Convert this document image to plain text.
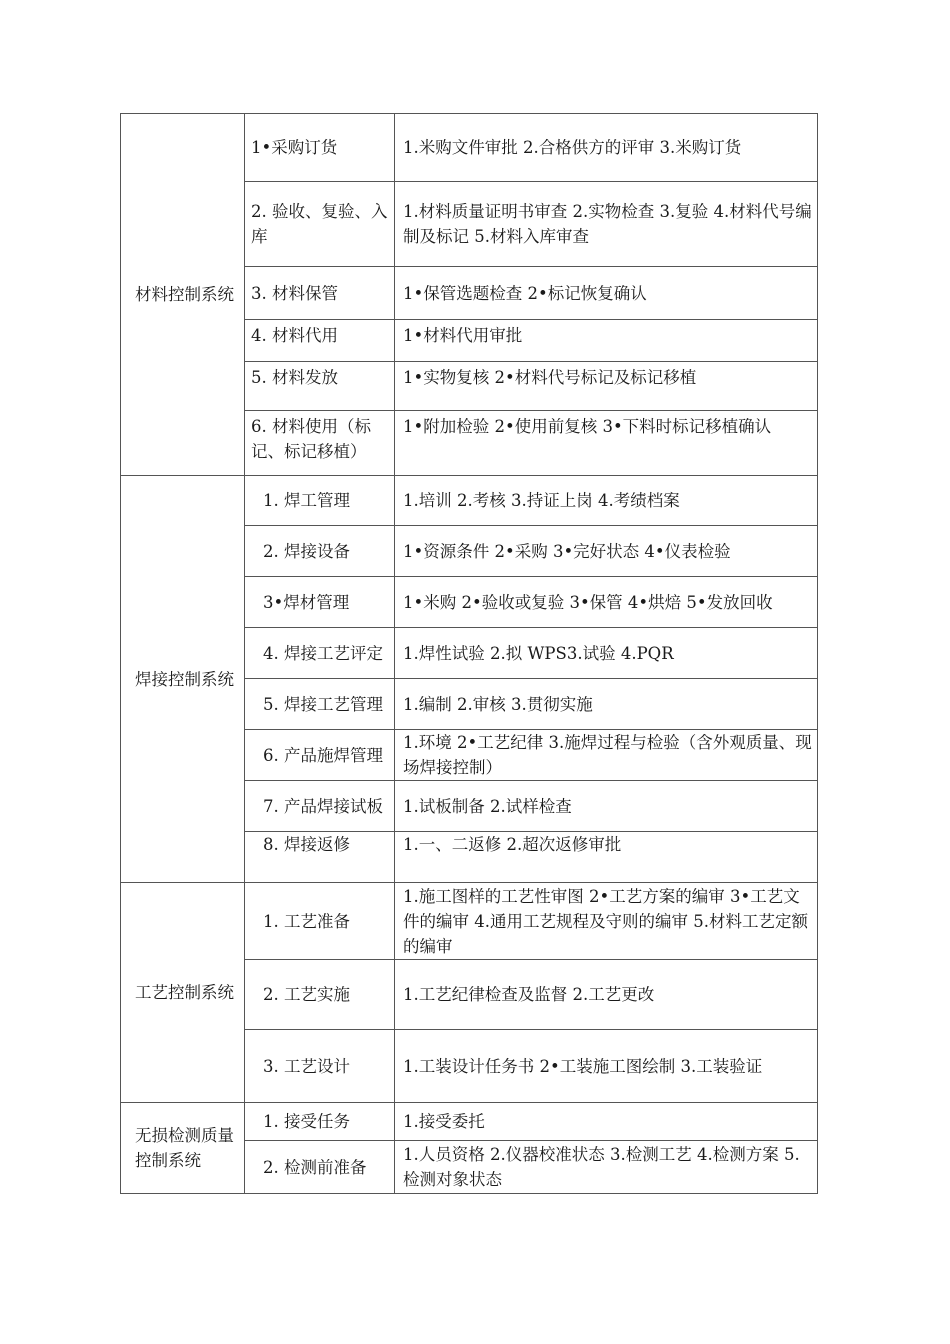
材料控制系统	1•采购订货	1.米购文件审批 2.合格供方的评审 3.米购订货
	2. 验收、复验、入库	1.材料质量证明书审查 2.实物检查 3.复验 4.材料代号编制及标记 5.材料入库审查
	3. 材料保管	1•保管选题检查 2•标记恢复确认
	4. 材料代用	1•材料代用审批
	5. 材料发放	1•实物复核 2•材料代号标记及标记移植

	6. 材料使用（标记、标记移植）	1•附加检验 2•使用前复核 3•下料时标记移植确认
焊接控制系统	1. 焊工管理	1.培训 2.考核 3.持证上岗 4.考绩档案
	2. 焊接设备	1•资源条件 2•采购 3•完好状态 4•仪表检验
	3•焊材管理	1•米购 2•验收或复验 3•保管 4•烘焙 5•发放回收
	4. 焊接工艺评定	1.焊性试验 2.拟 WPS3.试验 4.PQR
	5. 焊接工艺管理	1.编制 2.审核 3.贯彻实施
	6. 产品施焊管理	1.环境 2•工艺纪律 3.施焊过程与检验（含外观质量、现场焊接控制）
	7. 产品焊接试板	1.试板制备 2.试样检查
	8. 焊接返修	1.一、二返修 2.超次返修审批
工艺控制系统	1. 工艺准备	1.施工图样的工艺性审图 2•工艺方案的编审 3•工艺文件的编审 4.通用工艺规程及守则的编审 5.材料工艺定额的编审
	2. 工艺实施	1.工艺纪律检查及监督 2.工艺更改
	3. 工艺设计	1.工装设计任务书 2•工装施工图绘制 3.工装验证
无损检测质量控制系统	1. 接受任务	1.接受委托
	2. 检测前准备	1.人员资格 2.仪器校准状态 3.检测工艺 4.检测方案 5.检测对象状态
